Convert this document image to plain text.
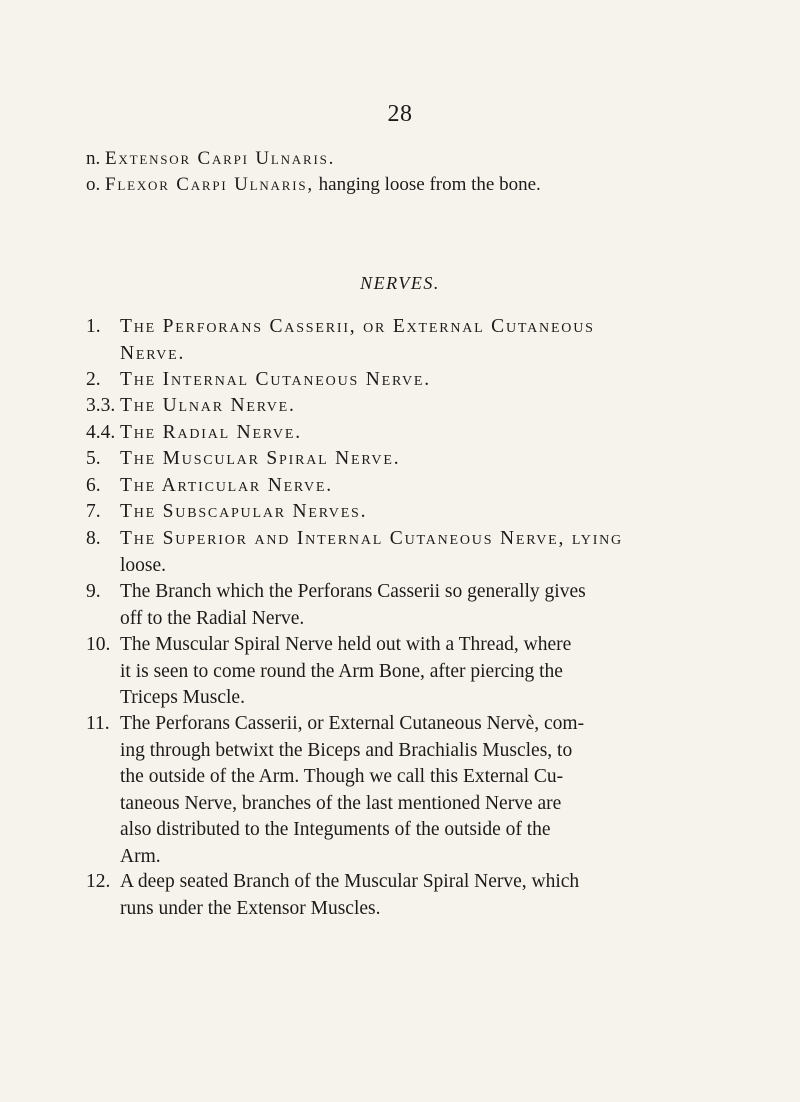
28
n. Extensor Carpi Ulnaris.
o. Flexor Carpi Ulnaris, hanging loose from the bone.
NERVES.
1. The Perforans Casserii, or External Cutaneous
Nerve.
2. The Internal Cutaneous Nerve.
3.3. The Ulnar Nerve.
4.4. The Radial Nerve.
5. The Muscular Spiral Nerve.
6. The Articular Nerve.
7. The Subscapular Nerves.
8. The Superior and Internal Cutaneous Nerve, lying
loose.
9. The Branch which the Perforans Casserii so generally gives
off to the Radial Nerve.
10. The Muscular Spiral Nerve held out with a Thread, where
it is seen to come round the Arm Bone, after piercing the
Triceps Muscle.
11. The Perforans Casserii, or External Cutaneous Nervè, com-
ing through betwixt the Biceps and Brachialis Muscles, to
the outside of the Arm. Though we call this External Cu-
taneous Nerve, branches of the last mentioned Nerve are
also distributed to the Integuments of the outside of the
Arm.
12. A deep seated Branch of the Muscular Spiral Nerve, which
runs under the Extensor Muscles.
